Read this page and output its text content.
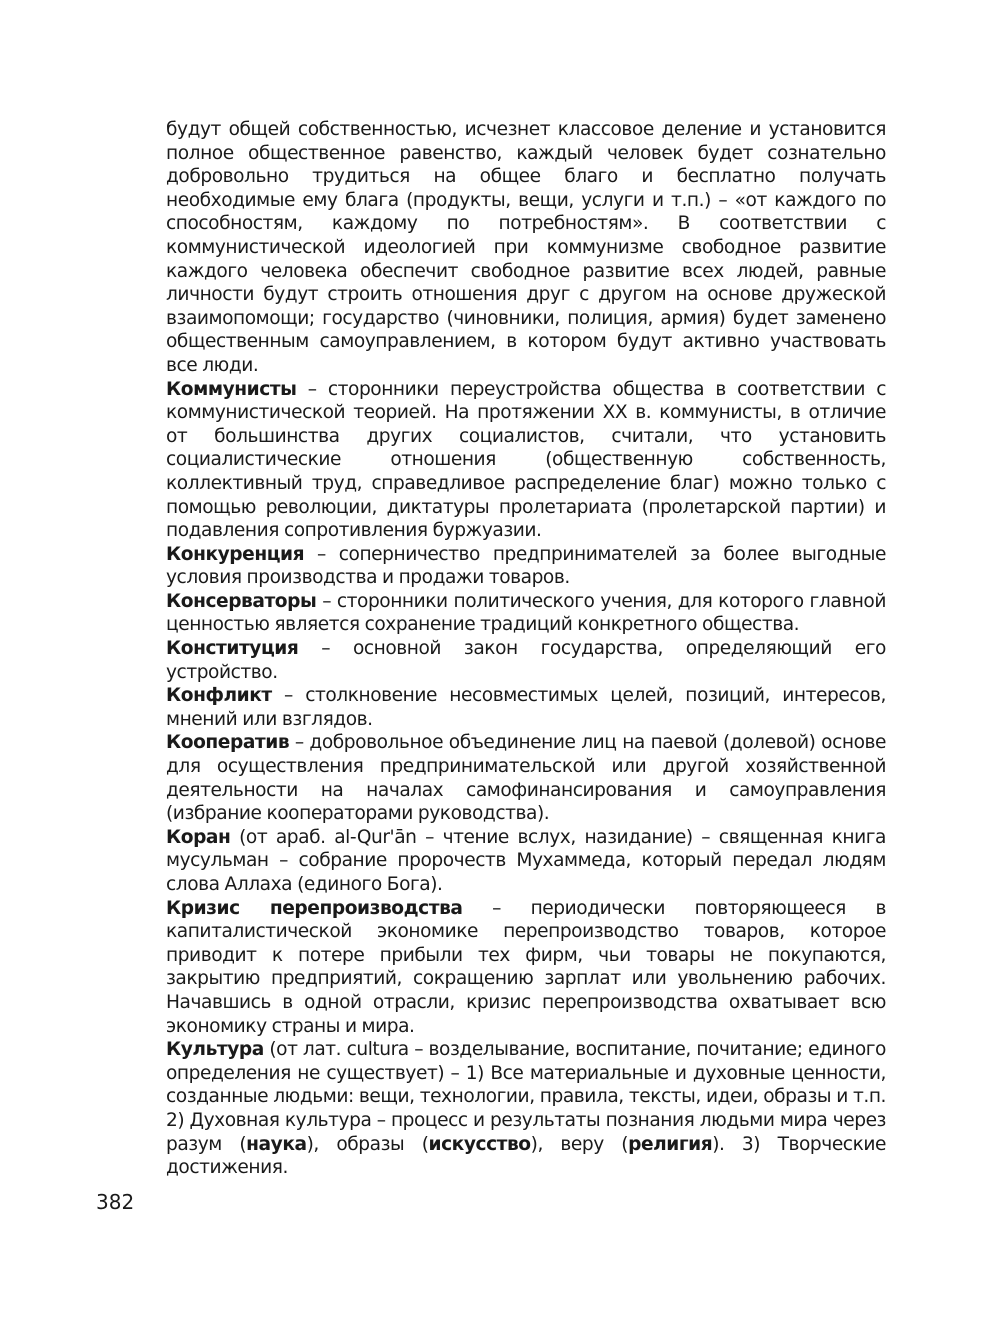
будут общей собственностью, исчезнет классовое деление и установится полное общественное равенство, каждый человек будет сознательно добровольно трудиться на общее благо и бесплатно получать необходимые ему блага (продукты, вещи, услуги и т.п.) – «от каждого по способностям, каждому по потребностям». В соответствии с коммунистической идеологией при коммунизме свободное развитие каждого человека обеспечит свободное развитие всех людей, равные личности будут строить отношения друг с другом на основе дружеской взаимопомощи; государство (чиновники, полиция, армия) будет заменено общественным самоуправлением, в котором будут активно участвовать все люди.

Коммунисты – сторонники переустройства общества в соответствии с коммунистической теорией. На протяжении XX в. коммунисты, в отличие от большинства других социалистов, считали, что установить социалистические отношения (общественную собственность, коллективный труд, справедливое распределение благ) можно только с помощью революции, диктатуры пролетариата (пролетарской партии) и подавления сопротивления буржуазии.

Конкуренция – соперничество предпринимателей за более выгодные условия производства и продажи товаров.

Консерваторы – сторонники политического учения, для которого главной ценностью является сохранение традиций конкретного общества.

Конституция – основной закон государства, определяющий его устройство.

Конфликт – столкновение несовместимых целей, позиций, интересов, мнений или взглядов.

Кооператив – добровольное объединение лиц на паевой (долевой) основе для осуществления предпринимательской или другой хозяйственной деятельности на началах самофинансирования и самоуправления (избрание кооператорами руководства).

Коран (от араб. al-Qur'ān – чтение вслух, назидание) – священная книга мусульман – собрание пророчеств Мухаммеда, который передал людям слова Аллаха (единого Бога).

Кризис перепроизводства – периодически повторяющееся в капиталистической экономике перепроизводство товаров, которое приводит к потере прибыли тех фирм, чьи товары не покупаются, закрытию предприятий, сокращению зарплат или увольнению рабочих. Начавшись в одной отрасли, кризис перепроизводства охватывает всю экономику страны и мира.

Культура (от лат. cultura – возделывание, воспитание, почитание; единого определения не существует) – 1) Все материальные и духовные ценности, созданные людьми: вещи, технологии, правила, тексты, идеи, образы и т.п. 2) Духовная культура – процесс и результаты познания людьми мира через разум (наука), образы (искусство), веру (религия). 3) Творческие достижения.

382
